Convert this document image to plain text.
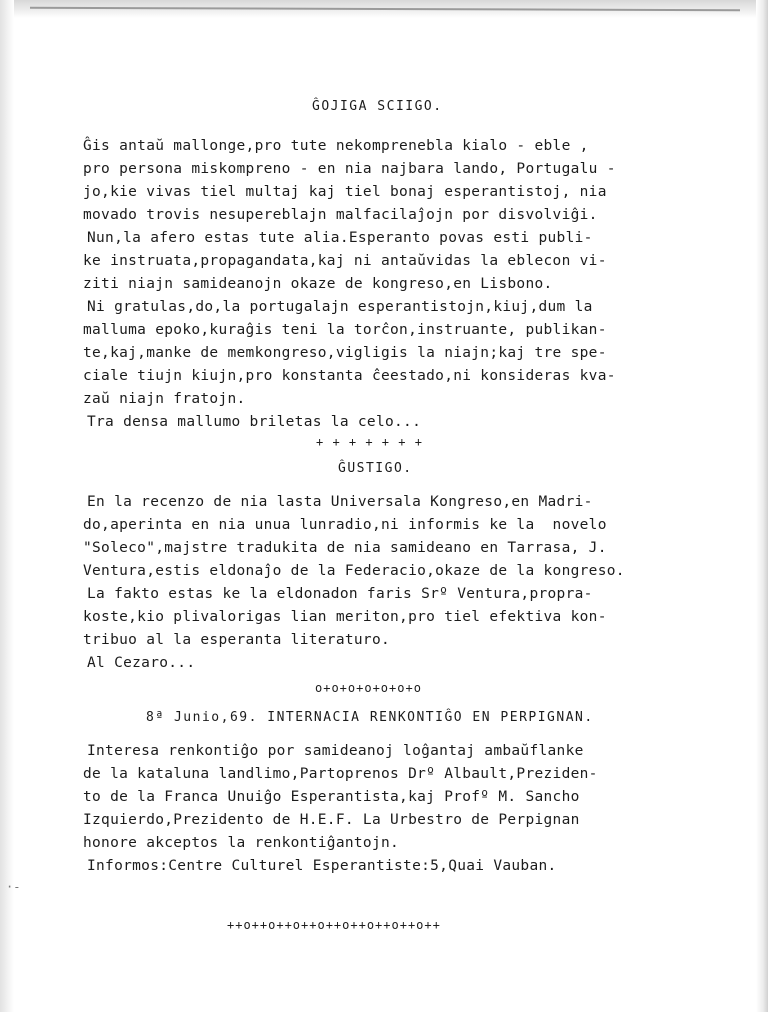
·‐
ĜOJIGA SCIIGO.
Ĝis antaŭ mallonge,pro tute nekomprenebla kialo - eble ,
pro persona miskompreno - en nia najbara lando, Portugalu -
jo,kie vivas tiel multaj kaj tiel bonaj esperantistoj, nia
movado trovis nesupereblajn malfacilaĵojn por disvolviĝi.
Nun,la afero estas tute alia.Esperanto povas esti publi-
ke instruata,propagandata,kaj ni antaŭvidas la eblecon vi-
ziti niajn samideanojn okaze de kongreso,en Lisbono.
Ni gratulas,do,la portugalajn esperantistojn,kiuj,dum la
malluma epoko,kuraĝis teni la torĉon,instruante, publikan-
te,kaj,manke de memkongreso,vigligis la niajn;kaj tre spe-
ciale tiujn kiujn,pro konstanta ĉeestado,ni konsideras kva-
zaŭ niajn fratojn.
Tra densa mallumo briletas la celo...
+ + + + + + +
ĜUSTIGO.
En la recenzo de nia lasta Universala Kongreso,en Madri-
do,aperinta en nia unua lunradio,ni informis ke la  novelo
"Soleco",majstre tradukita de nia samideano en Tarrasa, J.
Ventura,estis eldonaĵo de la Federacio,okaze de la kongreso.
La fakto estas ke la eldonadon faris Srº Ventura,propra-
koste,kio plivalorigas lian meriton,pro tiel efektiva kon-
tribuo al la esperanta literaturo.
Al Cezaro...
o+o+o+o+o+o+o
8ª Junio,69. INTERNACIA RENKONTIĜO EN PERPIGNAN.
Interesa renkontiĝo por samideanoj loĝantaj ambaŭflanke
de la kataluna landlimo,Partoprenos Drº Albault,Preziden-
to de la Franca Unuiĝo Esperantista,kaj Profº M. Sancho
Izquierdo,Prezidento de H.E.F. La Urbestro de Perpignan
honore akceptos la renkontiĝantojn.
Informos:Centre Culturel Esperantiste:5,Quai Vauban.
++o++o++o++o++o++o++o++o++
